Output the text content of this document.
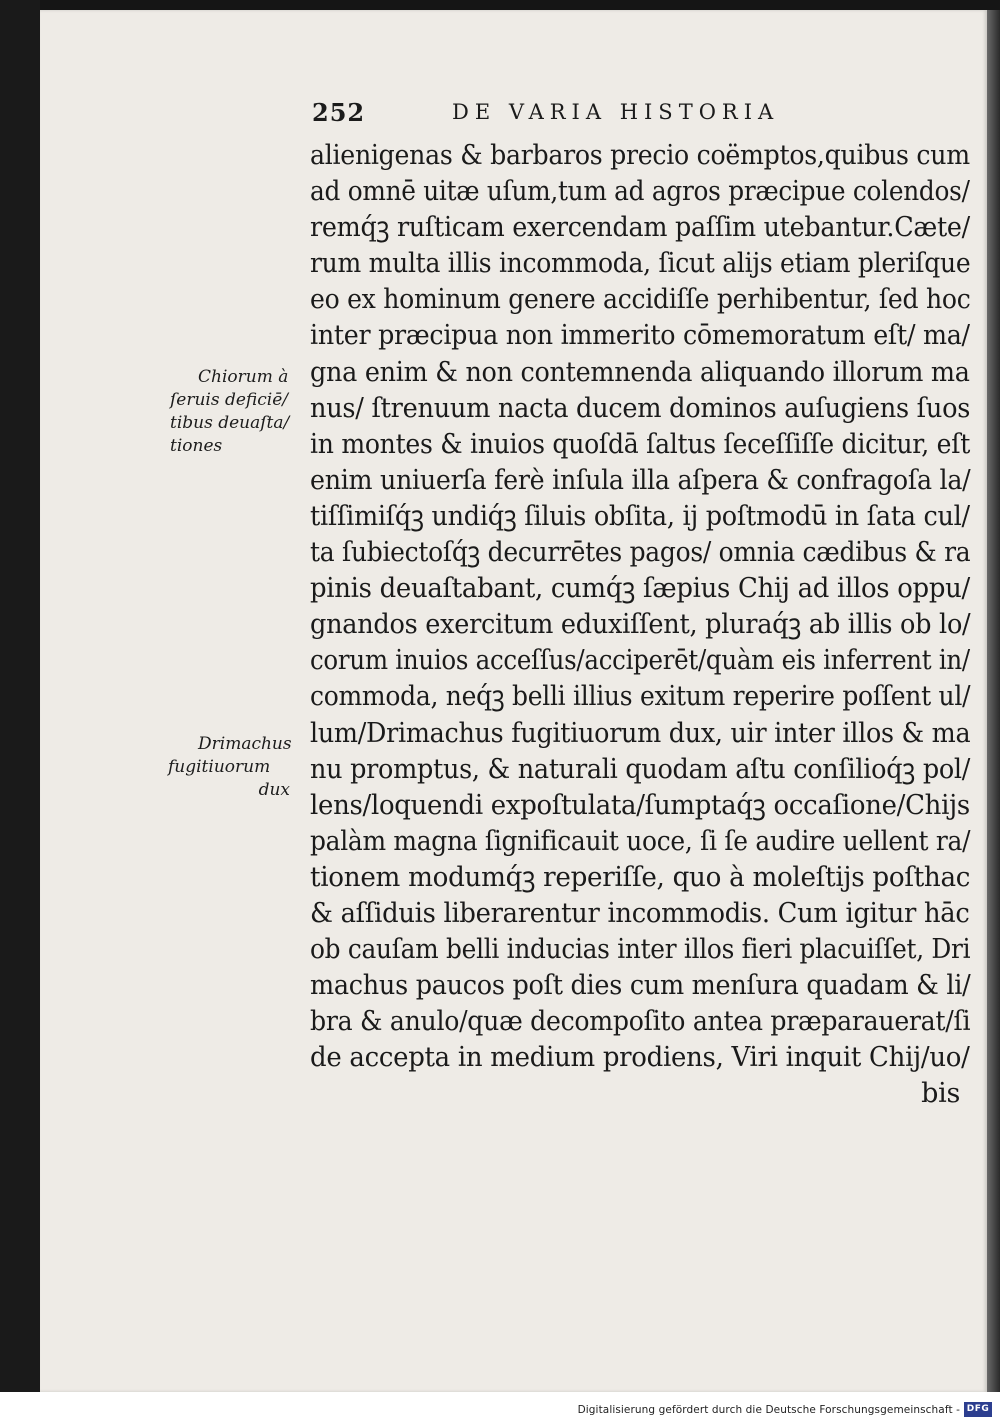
252	DE VARIA HISTORIA
Chiorum à
ſeruis deficiē/
tibus deuaſta/
tiones
Drimachus
fugitiuorum
dux
alienigenas & barbaros precio coëmptos,quibus cum
ad omnē uitæ uſum,tum ad agros præcipue colendos/
remq́ꝫ ruſticam exercendam paſſim utebantur.Cæte/
rum multa illis incommoda, ſicut alijs etiam pleriſque
eo ex hominum genere accidiſſe perhibentur, ſed hoc
inter præcipua non immerito cōmemoratum eſt/ ma/
gna enim & non contemnenda aliquando illorum ma
nus/ ſtrenuum nacta ducem dominos auſugiens ſuos
in montes & inuios quoſdā ſaltus ſeceſſiſſe dicitur, eſt
enim uniuerſa ferè inſula illa aſpera & confragoſa la/
tiſſimiſq́ꝫ undiq́ꝫ ſiluis obſita, ij poſtmodū in ſata cul/
ta ſubiectoſq́ꝫ decurrētes pagos/ omnia cædibus & ra
pinis deuaſtabant, cumq́ꝫ ſæpius Chij ad illos oppu/
gnandos exercitum eduxiſſent, pluraq́ꝫ ab illis ob lo/
corum inuios acceſſus/acciperēt/quàm eis inferrent in/
commoda, neq́ꝫ belli illius exitum reperire poſſent ul/
lum/Drimachus fugitiuorum dux, uir inter illos & ma
nu promptus, & naturali quodam aſtu conſilioq́ꝫ pol/
lens/loquendi expoſtulata/ſumptaq́ꝫ occaſione/Chijs
palàm magna ſignificauit uoce, ſi ſe audire uellent ra/
tionem modumq́ꝫ reperiſſe, quo à moleſtijs poſthac
& aſſiduis liberarentur incommodis. Cum igitur hāc
ob cauſam belli inducias inter illos fieri placuiſſet, Dri
machus paucos poſt dies cum menſura quadam & li/
bra & anulo/quæ decompoſito antea præparauerat/ſi
de accepta in medium prodiens, Viri inquit Chij/uo/
bis
Digitalisierung gefördert durch die Deutsche Forschungsgemeinschaft - DFG
